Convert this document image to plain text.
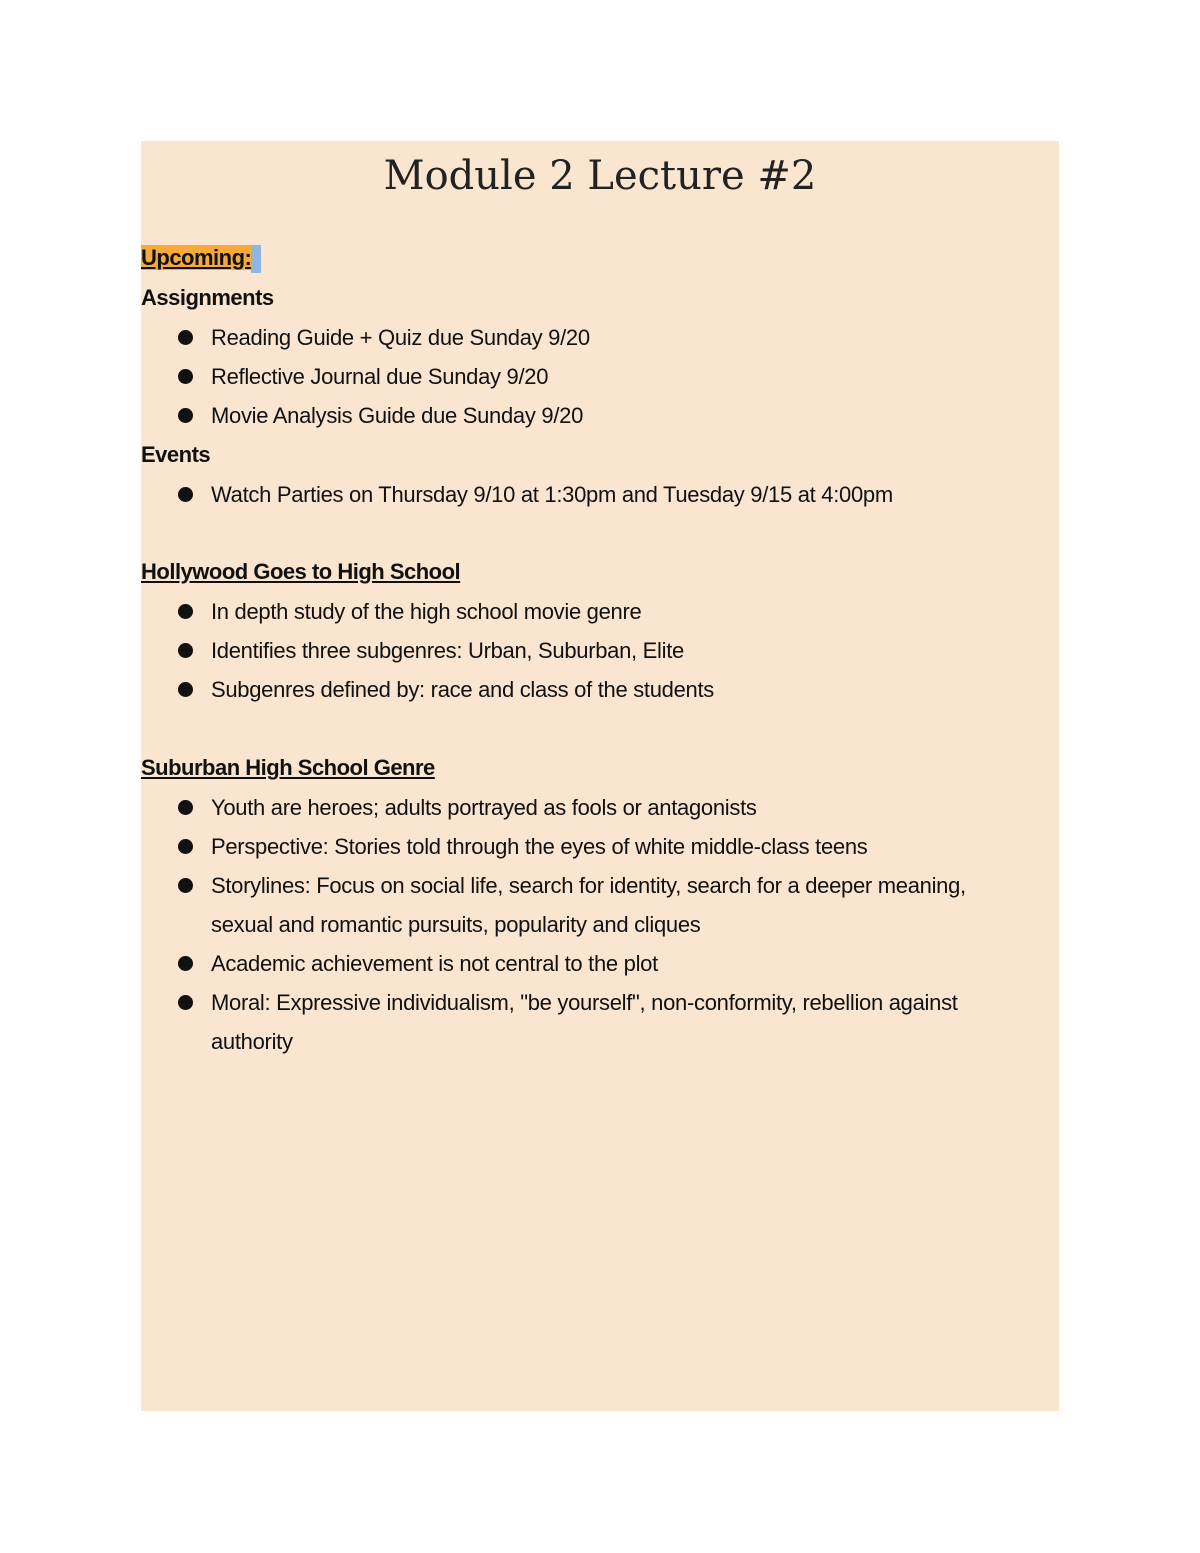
Module 2 Lecture #2

Upcoming:

Assignments

Reading Guide + Quiz due Sunday 9/20
Reflective Journal due Sunday 9/20
Movie Analysis Guide due Sunday 9/20

Events

Watch Parties on Thursday 9/10 at 1:30pm and Tuesday 9/15 at 4:00pm

Hollywood Goes to High School

In depth study of the high school movie genre
Identifies three subgenres: Urban, Suburban, Elite
Subgenres defined by: race and class of the students

Suburban High School Genre

Youth are heroes; adults portrayed as fools or antagonists
Perspective: Stories told through the eyes of white middle-class teens
Storylines: Focus on social life, search for identity, search for a deeper meaning, sexual and romantic pursuits, popularity and cliques
Academic achievement is not central to the plot
Moral: Expressive individualism, "be yourself", non-conformity, rebellion against authority
